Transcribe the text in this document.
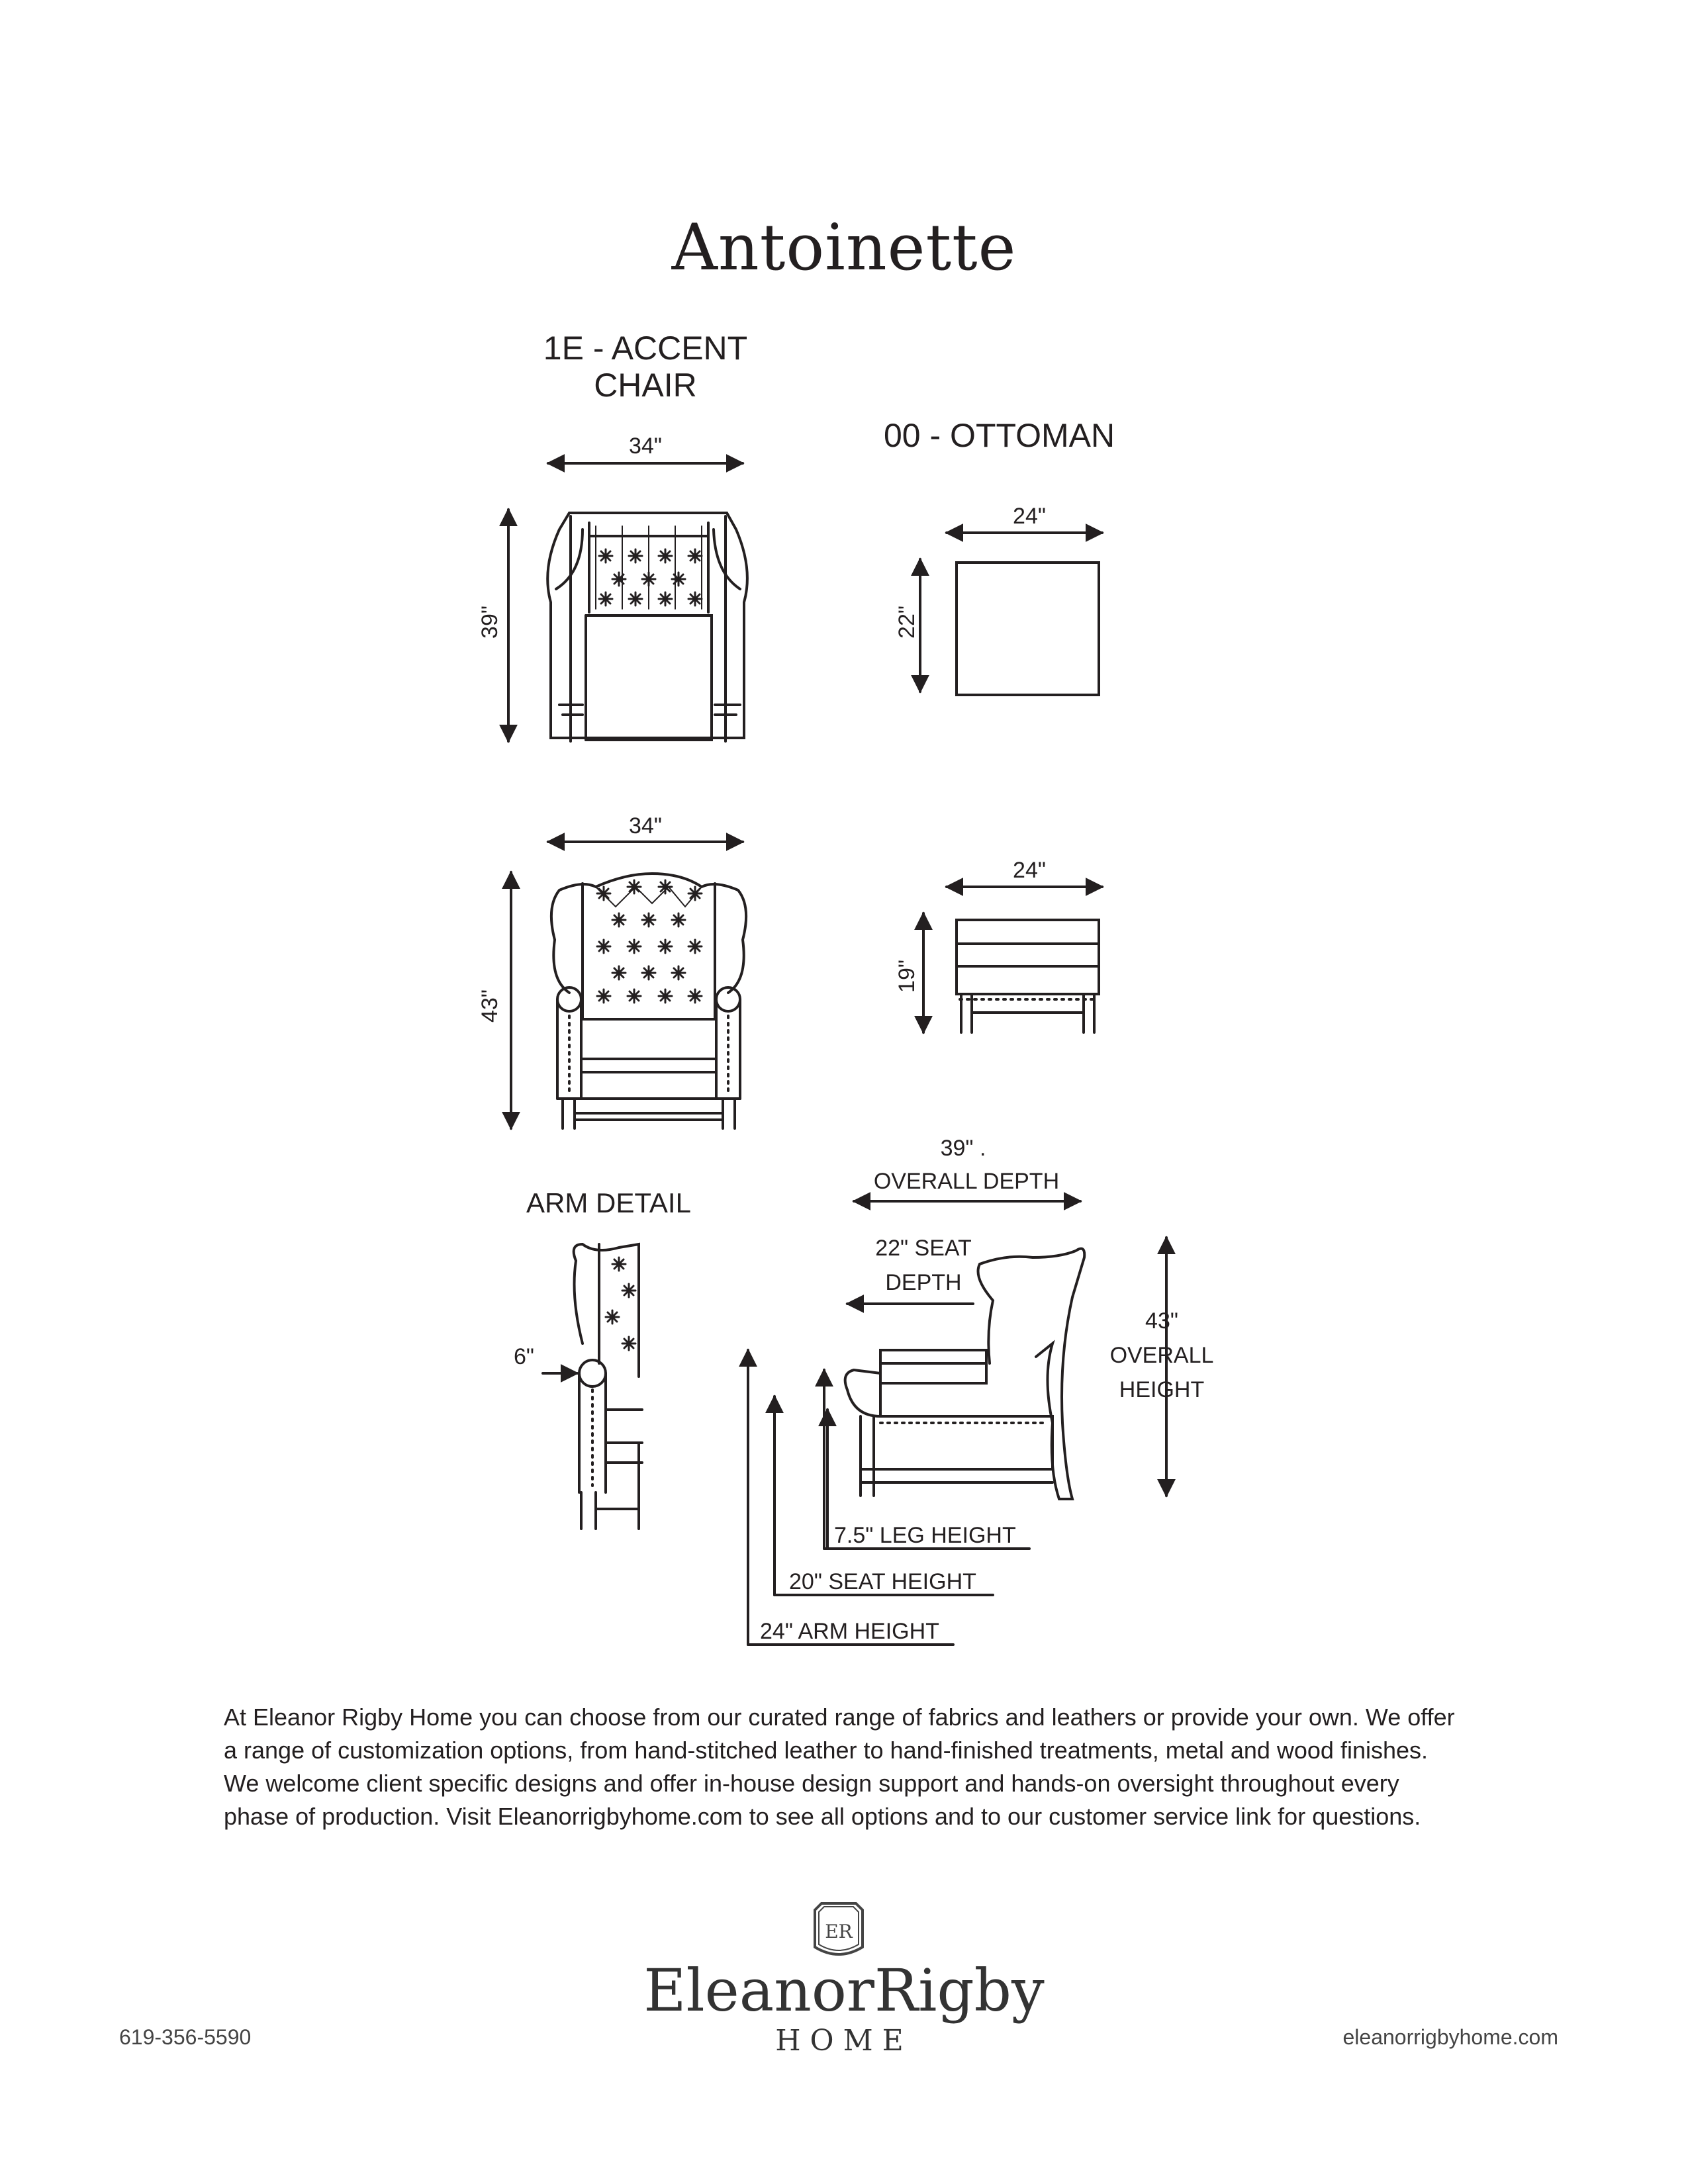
Antoinette
1E - ACCENT
CHAIR
34"
39"
00 - OTTOMAN
24"
22"
34"
43"
24"
19"
ARM DETAIL
6"
39" .
OVERALL DEPTH
22" SEAT
DEPTH
43"
OVERALL
HEIGHT
7.5" LEG HEIGHT
20" SEAT HEIGHT
24" ARM HEIGHT
At Eleanor Rigby Home you can choose from our curated range of fabrics and leathers or provide your own. We offer a range of customization options, from hand-stitched leather to hand-finished treatments, metal and wood finishes. We welcome client specific designs and offer in-house design support and hands-on oversight throughout every phase of production. Visit Eleanorrigbyhome.com to see all options and to our customer service link for questions.
ER
EleanorRigby
HOME
619-356-5590	eleanorrigbyhome.com
